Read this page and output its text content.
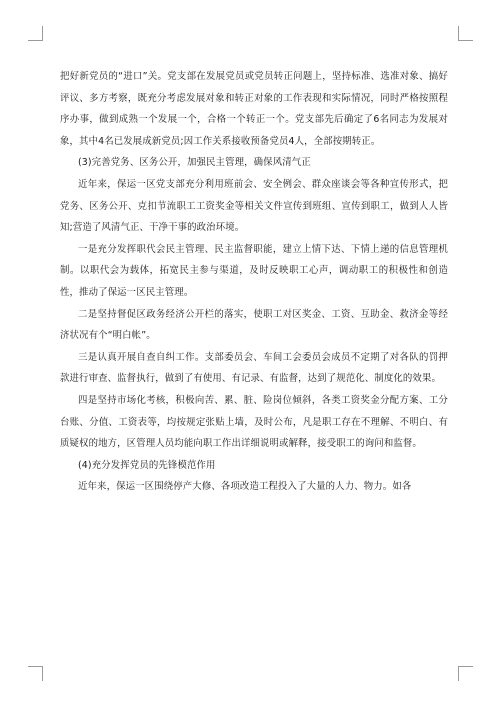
把好新党员的“进口”关。党支部在发展党员或党员转正问题上，坚持标准、选准对象、搞好评议、多方考察，既充分考虑发展对象和转正对象的工作表现和实际情况，同时严格按照程序办事，做到成熟一个发展一个，合格一个转正一个。党支部先后确定了6名同志为发展对象，其中4名已发展成新党员;因工作关系接收预备党员4人，全部按期转正。

(3)完善党务、区务公开，加强民主管理，确保风清气正

近年来，保运一区党支部充分利用班前会、安全例会、群众座谈会等各种宣传形式，把党务、区务公开、克扣节流职工工资奖金等相关文件宣传到班组、宣传到职工，做到人人皆知;营造了风清气正、干净干事的政治环境。

一是充分发挥职代会民主管理、民主监督职能，建立上情下达、下情上递的信息管理机制。以职代会为载体，拓宽民主参与渠道，及时反映职工心声，调动职工的积极性和创造性，推动了保运一区民主管理。

二是坚持督促区政务经济公开栏的落实，使职工对区奖金、工资、互助金、救济金等经济状况有个“明白帐”。

三是认真开展自查自纠工作。支部委员会、车间工会委员会成员不定期了对各队的罚押款进行审查、监督执行，做到了有使用、有记录、有监督，达到了规范化、制度化的效果。

四是坚持市场化考核，积极向苦、累、脏、险岗位倾斜，各类工资奖金分配方案、工分台账、分值、工资表等，均按规定张贴上墙，及时公布，凡是职工存在不理解、不明白、有质疑权的地方，区管理人员均能向职工作出详细说明或解释，接受职工的询问和监督。

(4)充分发挥党员的先锋模范作用

近年来，保运一区围绕停产大修、各项改造工程投入了大量的人力、物力。如各
